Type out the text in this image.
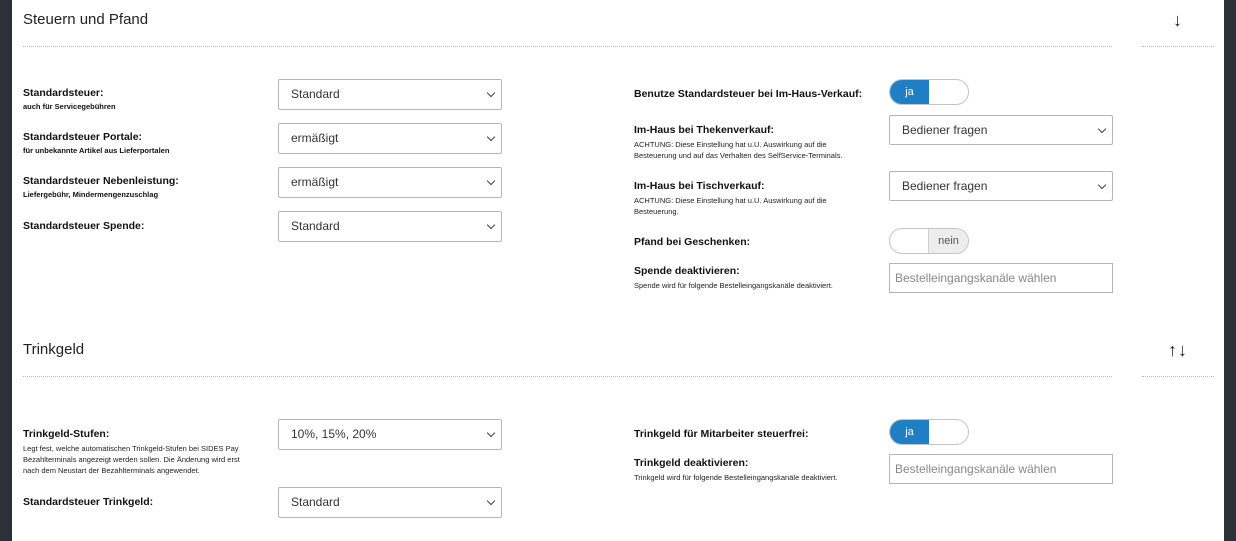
Steuern und Pfand	↓
Standardsteuer:
auch für Servicegebühren
Standard
Standardsteuer Portale:
für unbekannte Artikel aus Lieferportalen
ermäßigt
Standardsteuer Nebenleistung:
Liefergebühr, Mindermengenzuschlag
ermäßigt
Standardsteuer Spende:	Standard
Benutze Standardsteuer bei Im-Haus-Verkauf:	ja
Im-Haus bei Thekenverkauf:
ACHTUNG: Diese Einstellung hat u.U. Auswirkung auf die Besteuerung und auf das Verhalten des SelfService-Terminals.
Bediener fragen
Im-Haus bei Tischverkauf:
ACHTUNG: Diese Einstellung hat u.U. Auswirkung auf die Besteuerung.
Bediener fragen
Pfand bei Geschenken:	nein
Spende deaktivieren:
Spende wird für folgende Bestelleingangskanäle deaktiviert.
Bestelleingangskanäle wählen
Trinkgeld	↑↓
Trinkgeld-Stufen:
Legt fest, welche automatischen Trinkgeld-Stufen bei SIDES Pay Bezahlterminals angezeigt werden sollen. Die Änderung wird erst nach dem Neustart der Bezahlterminals angewendet.
10%, 15%, 20%
Standardsteuer Trinkgeld:	Standard
Trinkgeld für Mitarbeiter steuerfrei:	ja
Trinkgeld deaktivieren:
Trinkgeld wird für folgende Bestelleingangskanäle deaktiviert.
Bestelleingangskanäle wählen
